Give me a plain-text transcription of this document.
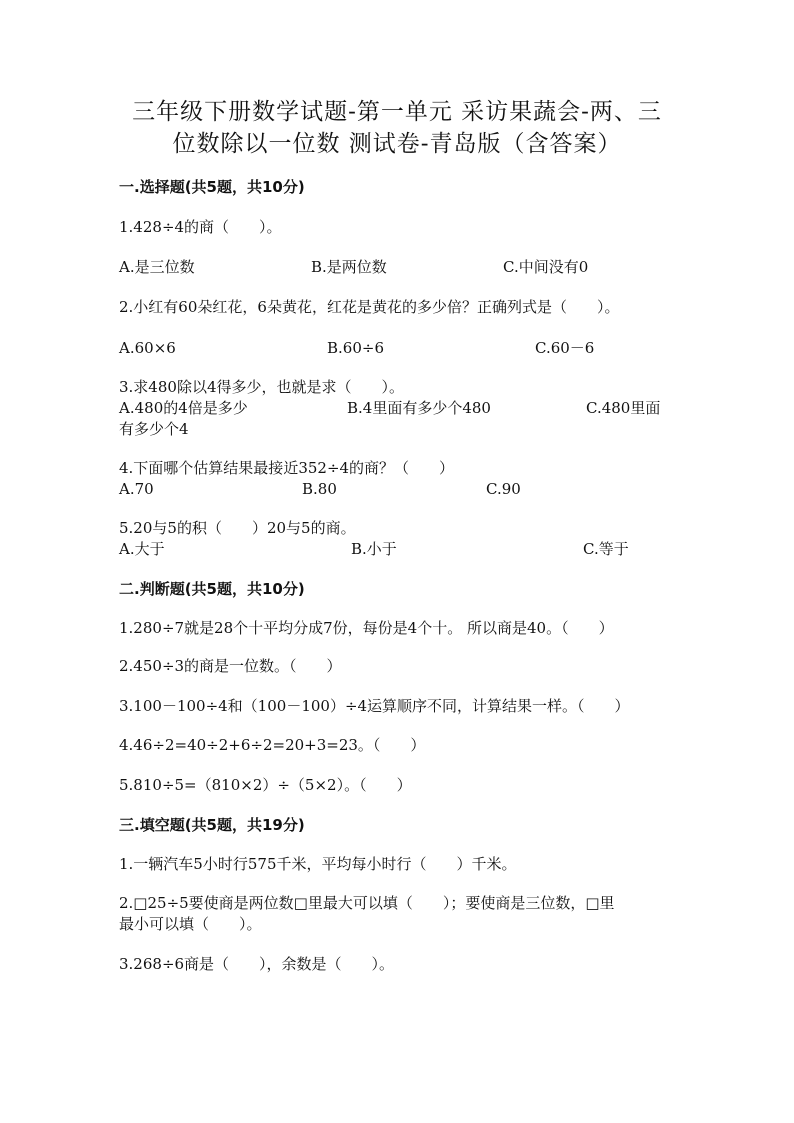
三年级下册数学试题-第一单元 采访果蔬会-两、三
位数除以一位数 测试卷-青岛版（含答案）
一.选择题(共5题，共10分)
1.428÷4的商（　　）。
A.是三位数	B.是两位数	C.中间没有0
2.小红有60朵红花，6朵黄花，红花是黄花的多少倍？正确列式是（　　）。
A.60×6	B.60÷6	C.60－6
3.求480除以4得多少，也就是求（　　）。
A.480的4倍是多少	B.4里面有多少个480	C.480里面
有多少个4
4.下面哪个估算结果最接近352÷4的商？（　　）
A.70	B.80	C.90
5.20与5的积（　　）20与5的商。
A.大于	B.小于	C.等于
二.判断题(共5题，共10分)
1.280÷7就是28个十平均分成7份，每份是4个十。 所以商是40。（　　）
2.450÷3的商是一位数。（　　）
3.100－100÷4和（100－100）÷4运算顺序不同，计算结果一样。（　　）
4.46÷2=40÷2+6÷2=20+3=23。（　　）
5.810÷5=（810×2）÷（5×2）。（　　）
三.填空题(共5题，共19分)
1.一辆汽车5小时行575千米，平均每小时行（　　）千米。
2.□25÷5要使商是两位数□里最大可以填（　　）；要使商是三位数，□里
最小可以填（　　）。
3.268÷6商是（　　），余数是（　　）。
